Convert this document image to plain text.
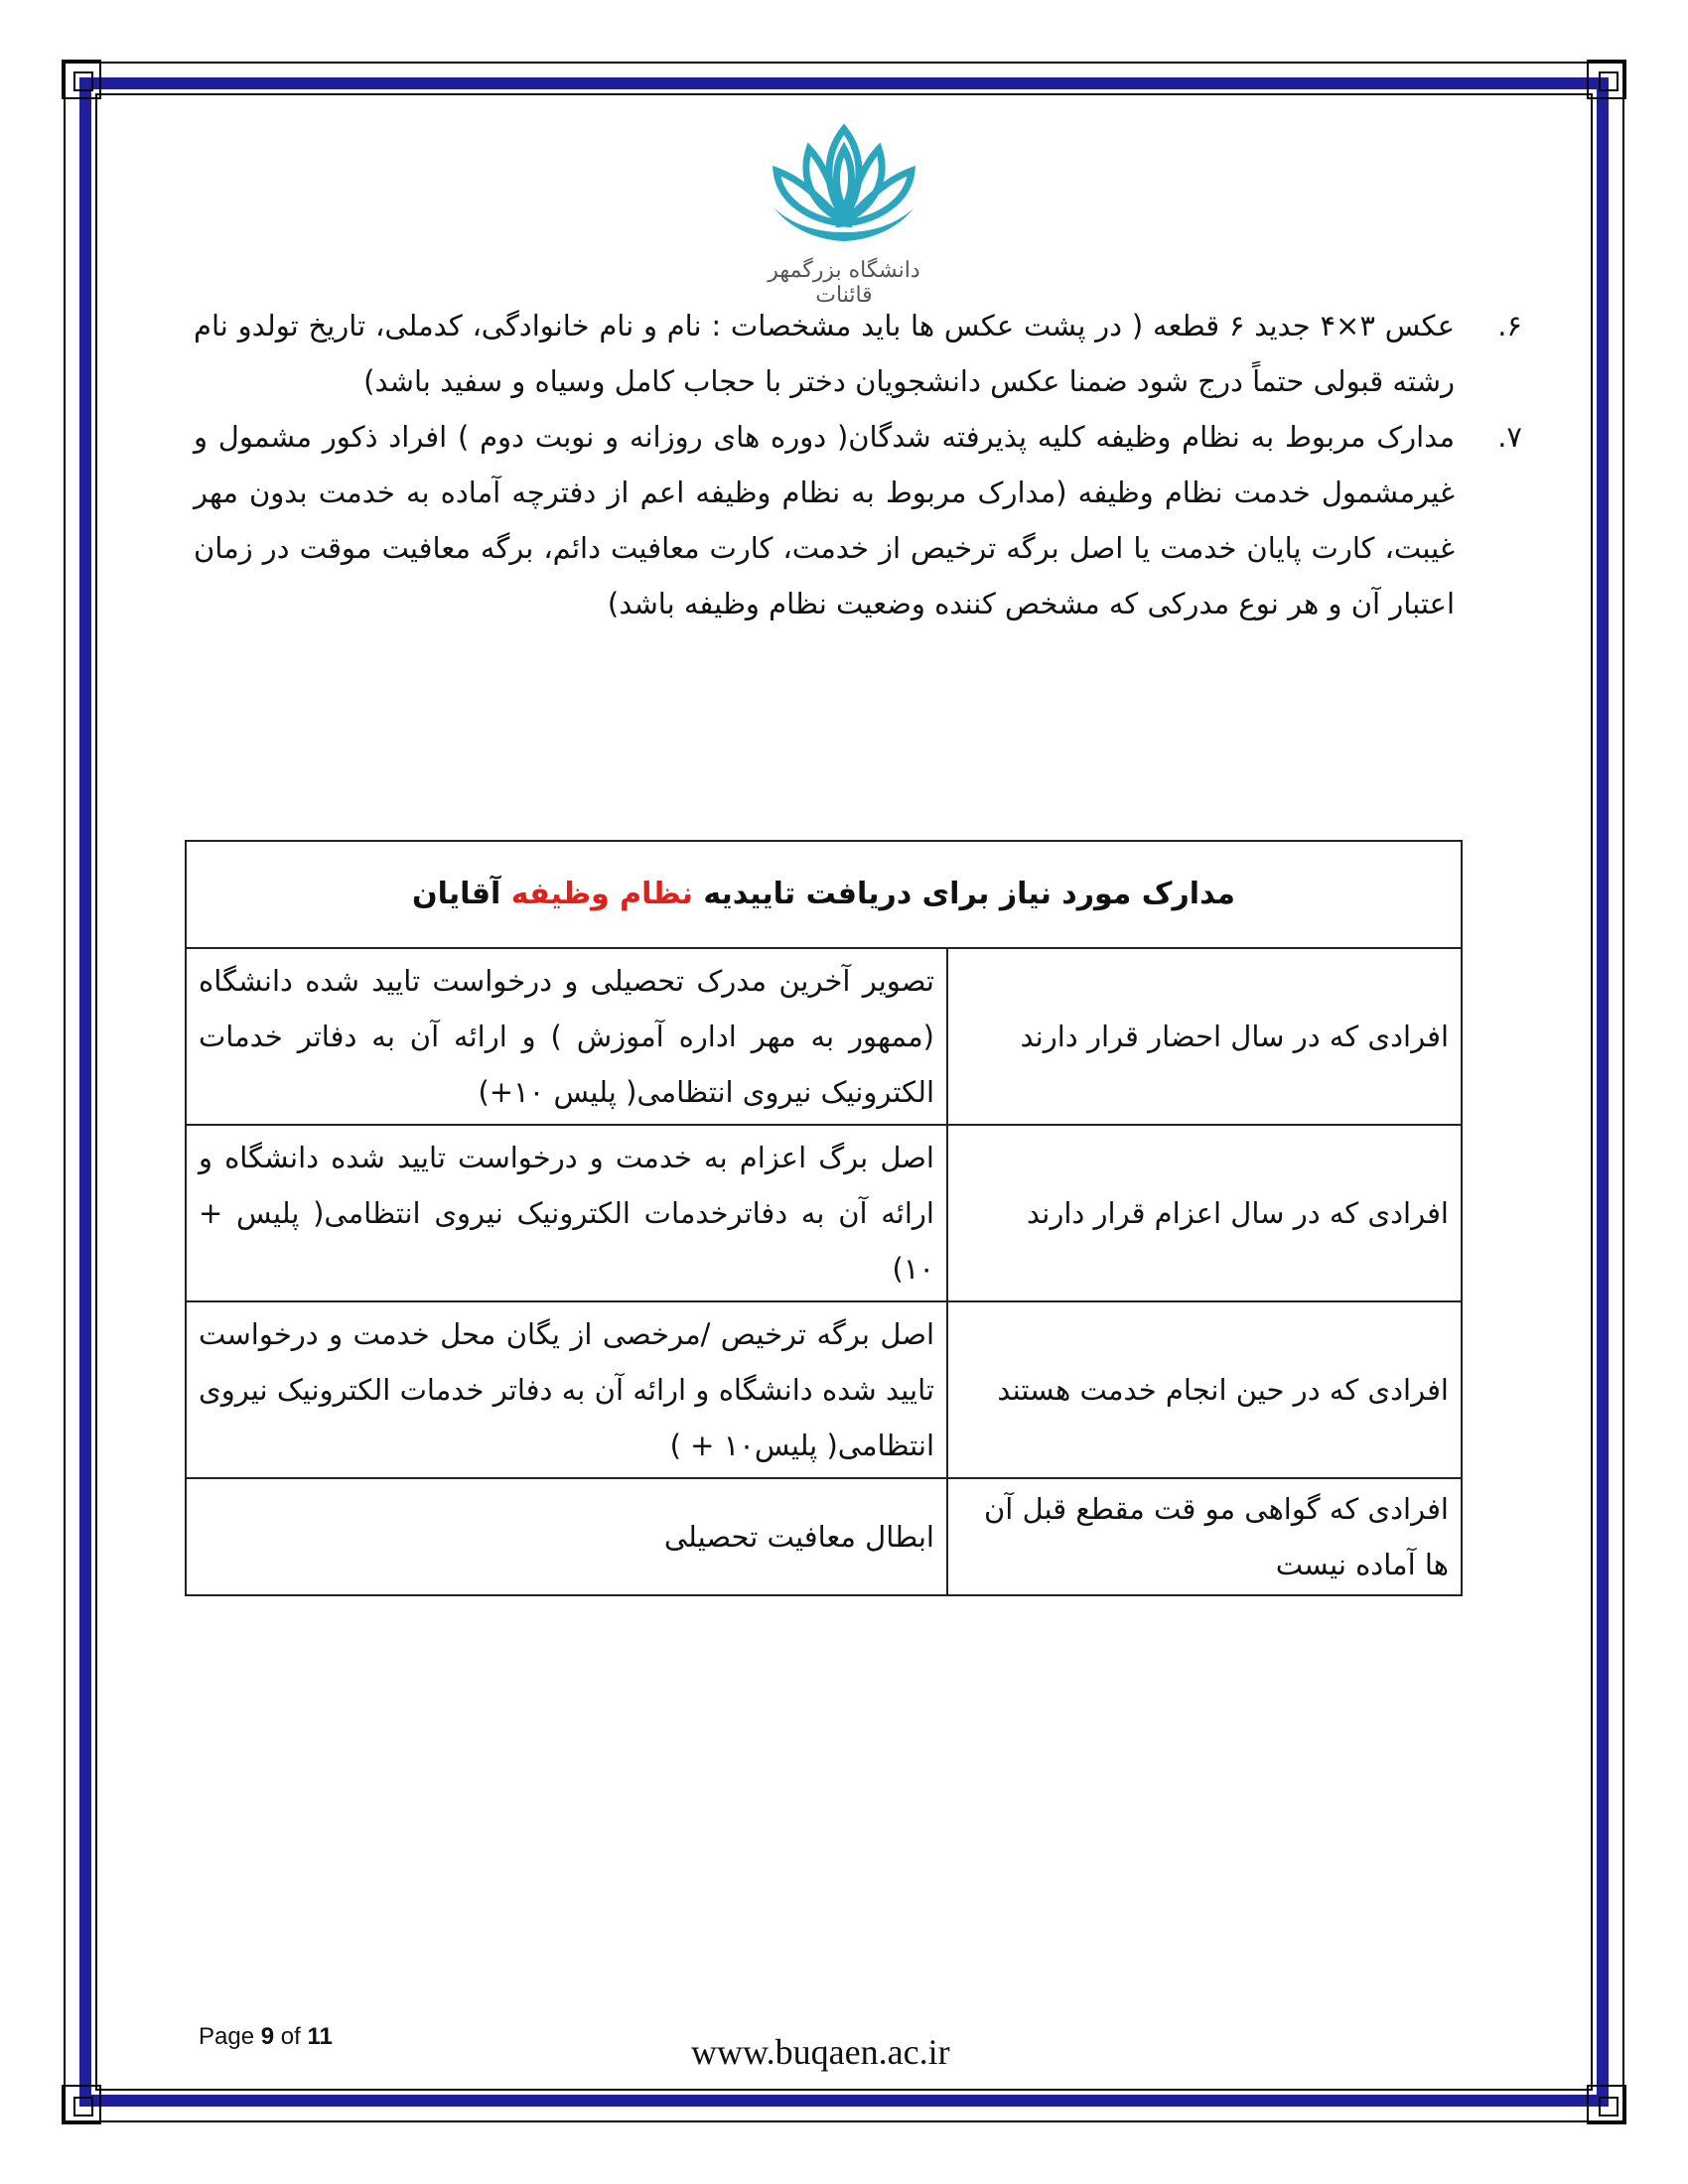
دانشگاه بزرگمهر قائنات

۶.
عکس ۳×۴ جدید ۶ قطعه ( در پشت عکس ها باید مشخصات : نام و نام خانوادگی، کدملی، تاریخ تولدو نام رشته قبولی حتماً درج شود ضمنا عکس دانشجویان دختر با حجاب کامل وسیاه و سفید باشد)

۷.
مدارک مربوط به نظام وظیفه کلیه پذیرفته شدگان( دوره های روزانه و نوبت دوم ) افراد ذکور مشمول و غیرمشمول خدمت نظام وظیفه (مدارک مربوط به نظام وظیفه اعم از دفترچه آماده به خدمت بدون مهر غیبت، کارت پایان خدمت یا اصل برگه ترخیص از خدمت، کارت معافیت دائم، برگه معافیت موقت در زمان اعتبار آن و هر نوع مدرکی که مشخص کننده وضعیت نظام وظیفه باشد)

مدارک مورد نیاز برای دریافت تاییدیه نظام وظیفه آقایان	
افرادی که در سال احضار قرار دارند	تصویر آخرین مدرک تحصیلی و درخواست تایید شده دانشگاه (ممهور به مهر اداره آموزش ) و ارائه آن به دفاتر خدمات الکترونیک نیروی انتظامی( پلیس ۱۰+)
افرادی که در سال اعزام قرار دارند	اصل برگ اعزام به خدمت و درخواست تایید شده دانشگاه و ارائه آن به دفاترخدمات الکترونیک نیروی انتظامی( پلیس + ۱۰)
افرادی که در حین انجام خدمت هستند	اصل برگه ترخیص /مرخصی از یگان محل خدمت و درخواست تایید شده دانشگاه و ارائه آن به دفاتر خدمات الکترونیک نیروی انتظامی( پلیس۱۰ + )
افرادی که گواهی مو قت مقطع قبل آن ها آماده نیست	ابطال معافیت تحصیلی
Page 9 of 11	www.buqaen.ac.ir
